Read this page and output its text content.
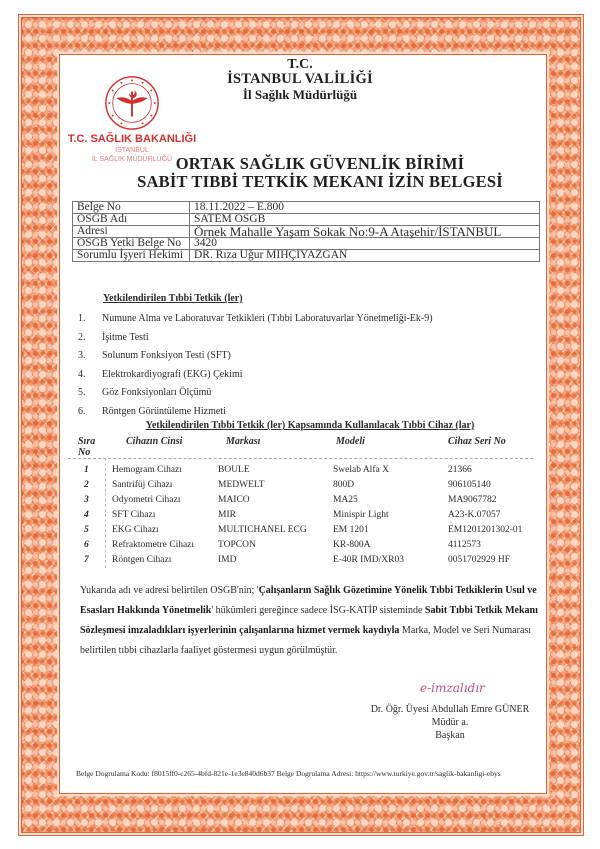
T.C.
İSTANBUL VALİLİĞİ
İl Sağlık Müdürlüğü
T.C. SAĞLIK BAKANLIĞI
İSTANBUL
İL SAĞLIK MÜDÜRLÜĞÜ ORTAK SAĞLIK GÜVENLİK BİRİMİ
SABİT TIBBİ TETKİK MEKANI İZİN BELGESİ
Belge No	18.11.2022 – E.800
OSGB Adı	SATEM OSGB
Adresi	Örnek Mahalle Yaşam Sokak No:9-A Ataşehir/İSTANBUL
OSGB Yetki Belge No	3420
Sorumlu İşyeri Hekimi	DR. Rıza Uğur MIHÇIYAZGAN
Yetkilendirilen Tıbbi Tetkik (ler)
1.	Numune Alma ve Laboratuvar Tetkikleri (Tıbbi Laboratuvarlar Yönetmeliği-Ek-9)
2.	İşitme Testi
3.	Solunum Fonksiyon Testi (SFT)
4.	Elektrokardiyografi (EKG) Çekimi
5.	Göz Fonksiyonları Ölçümü
6.	Röntgen Görüntüleme Hizmeti
Yetkilendirilen Tıbbi Tetkik (ler) Kapsamında Kullanılacak Tıbbi Cihaz (lar)
Sıra
No
Cihazın Cinsi	Markası	Modeli	Cihaz Seri No
1 Hemogram Cihazı	BOULE	Swelab Alfa X	21366
2 Santrifüj Cihazı	MEDWELT	800D	906105140
3 Odyometri Cihazı	MAICO	MA25	MA9067782
4 SFT Cihazı	MIR	Minispir Light	A23-K.07057
5 EKG Cihazı	MULTICHANEL ECG	EM 1201	EM1201201302-01
6 Refraktometre Cihazı	TOPCON	KR-800A	4112573
7 Röntgen Cihazı	IMD	E-40R IMD/XR03	0051702929 HF
Yukarıda adı ve adresi belirtilen OSGB'nin; 'Çalışanların Sağlık Gözetimine Yönelik Tıbbi Tetkiklerin Usul ve Esasları Hakkında Yönetmelik' hükümleri gereğince sadece İSG-KATİP sisteminde Sabit Tıbbi Tetkik Mekanı Sözleşmesi imzaladıkları işyerlerinin çalışanlarına hizmet vermek kaydıyla Marka, Model ve Seri Numarası belirtilen tıbbi cihazlarla faaliyet göstermesi uygun görülmüştür.
e-imzalıdır
Dr. Öğr. Üyesi Abdullah Emre GÜNER
Müdür a.
Başkan
Belge Dogrulama Kodu: f8015ff0-c265-4bfd-821e-1e3e840d6b37 Belge Dogrulama Adresi: https://www.turkiye.gov.tr/saglik-bakanligi-ebys
